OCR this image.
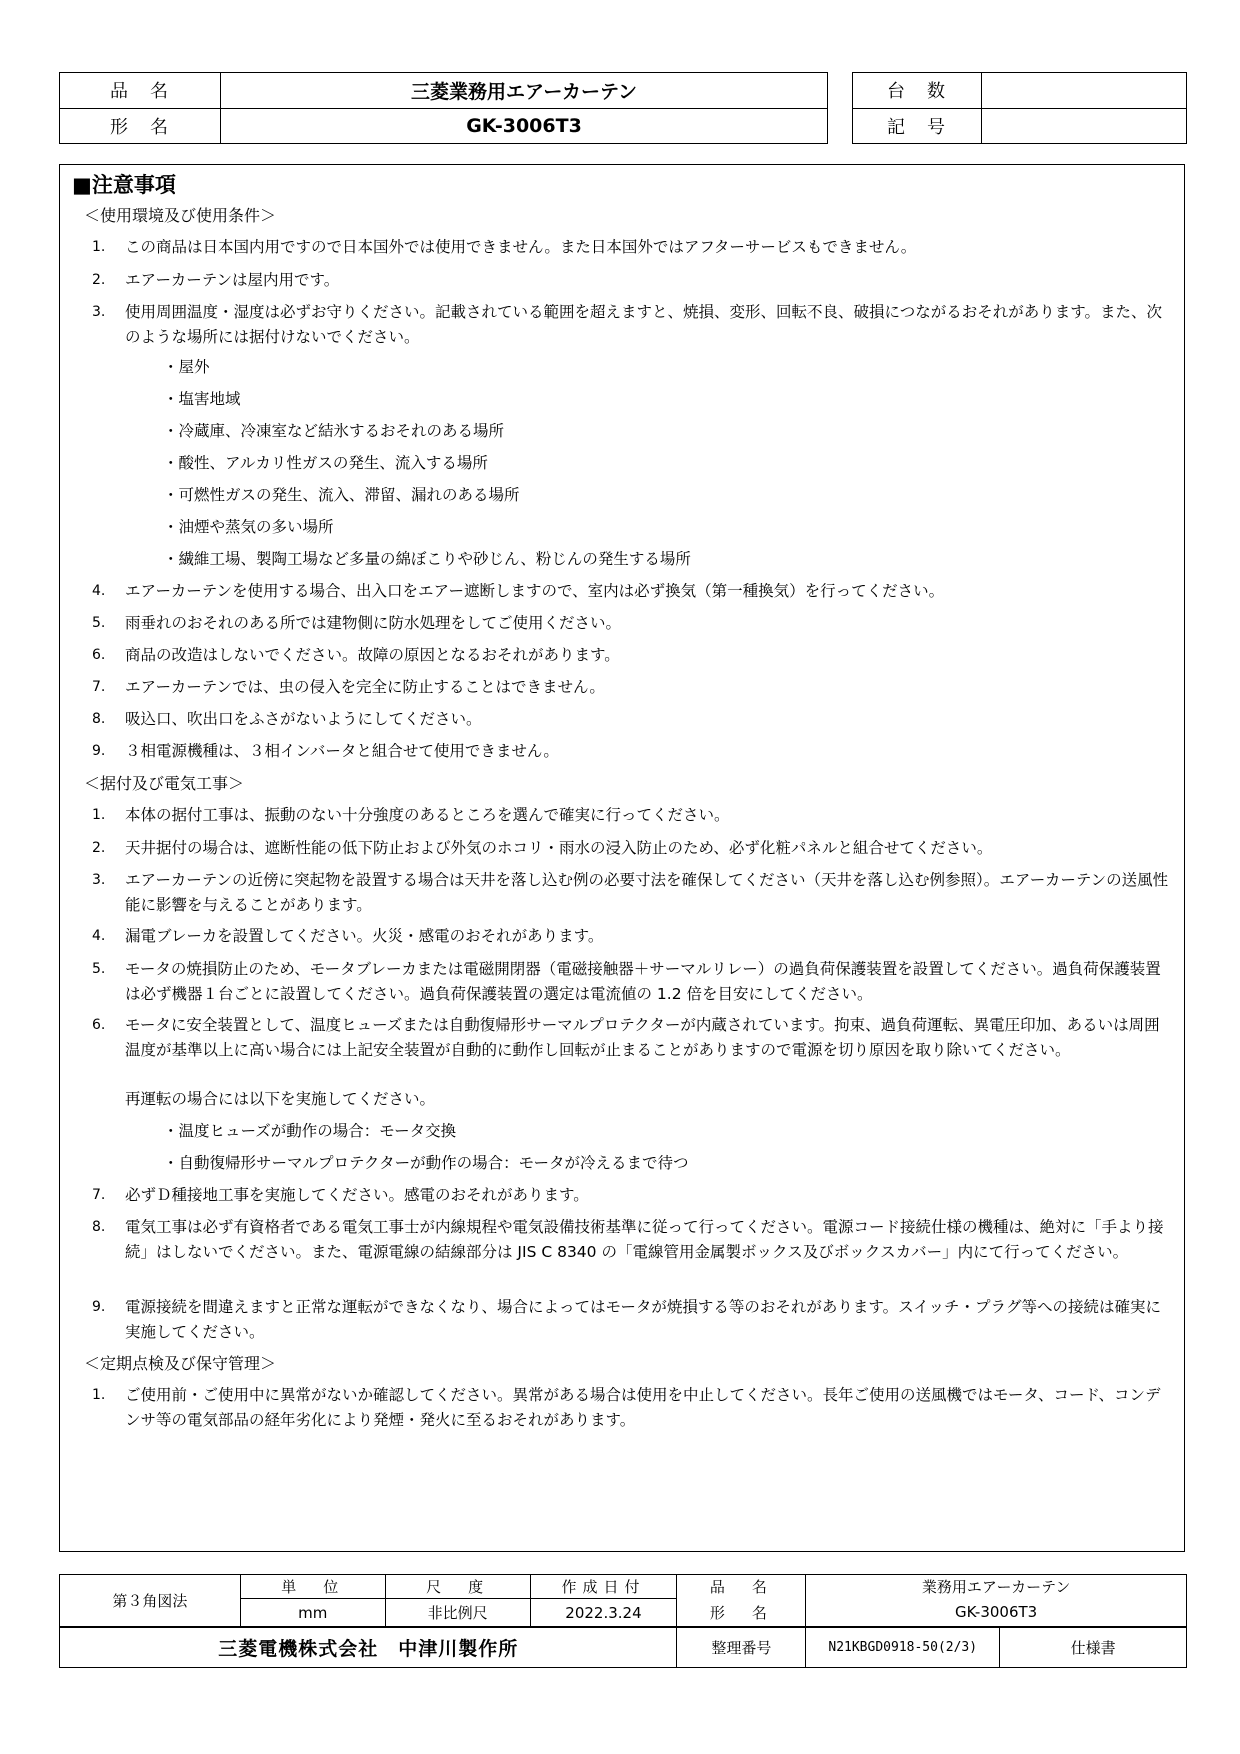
品　名	三菱業務用エアーカーテン
形　名	GK-3006T3
台　数	
記　号	
■注意事項
＜使用環境及び使用条件＞
1.	この商品は日本国内用ですので日本国外では使用できません。また日本国外ではアフターサービスもできません。
2.	エアーカーテンは屋内用です。
3.	使用周囲温度・湿度は必ずお守りください。記載されている範囲を超えますと、焼損、変形、回転不良、破損につながるおそれがあります。また、次のような場所には据付けないでください。
・屋外
・塩害地域
・冷蔵庫、冷凍室など結氷するおそれのある場所
・酸性、アルカリ性ガスの発生、流入する場所
・可燃性ガスの発生、流入、滞留、漏れのある場所
・油煙や蒸気の多い場所
・繊維工場、製陶工場など多量の綿ぼこりや砂じん、粉じんの発生する場所
4.	エアーカーテンを使用する場合、出入口をエアー遮断しますので、室内は必ず換気（第一種換気）を行ってください。
5.	雨垂れのおそれのある所では建物側に防水処理をしてご使用ください。
6.	商品の改造はしないでください。故障の原因となるおそれがあります。
7.	エアーカーテンでは、虫の侵入を完全に防止することはできません。
8.	吸込口、吹出口をふさがないようにしてください。
9.	３相電源機種は、３相インバータと組合せて使用できません。
＜据付及び電気工事＞
1.	本体の据付工事は、振動のない十分強度のあるところを選んで確実に行ってください。
2.	天井据付の場合は、遮断性能の低下防止および外気のホコリ・雨水の浸入防止のため、必ず化粧パネルと組合せてください。
3.	エアーカーテンの近傍に突起物を設置する場合は天井を落し込む例の必要寸法を確保してください（天井を落し込む例参照）。エアーカーテンの送風性能に影響を与えることがあります。
4.	漏電ブレーカを設置してください。火災・感電のおそれがあります。
5.	モータの焼損防止のため、モータブレーカまたは電磁開閉器（電磁接触器＋サーマルリレー）の過負荷保護装置を設置してください。過負荷保護装置は必ず機器１台ごとに設置してください。過負荷保護装置の選定は電流値の 1.2 倍を目安にしてください。
6.	モータに安全装置として、温度ヒューズまたは自動復帰形サーマルプロテクターが内蔵されています。拘束、過負荷運転、異電圧印加、あるいは周囲温度が基準以上に高い場合には上記安全装置が自動的に動作し回転が止まることがありますので電源を切り原因を取り除いてください。
再運転の場合には以下を実施してください。
・温度ヒューズが動作の場合：モータ交換
・自動復帰形サーマルプロテクターが動作の場合：モータが冷えるまで待つ
7.	必ずＤ種接地工事を実施してください。感電のおそれがあります。
8.	電気工事は必ず有資格者である電気工事士が内線規程や電気設備技術基準に従って行ってください。電源コード接続仕様の機種は、絶対に「手より接続」はしないでください。また、電源電線の結線部分は JIS C 8340 の「電線管用金属製ボックス及びボックスカバー」内にて行ってください。
9.	電源接続を間違えますと正常な運転ができなくなり、場合によってはモータが焼損する等のおそれがあります。スイッチ・プラグ等への接続は確実に実施してください。
＜定期点検及び保守管理＞
1.	ご使用前・ご使用中に異常がないか確認してください。異常がある場合は使用を中止してください。長年ご使用の送風機ではモータ、コード、コンデンサ等の電気部品の経年劣化により発煙・発火に至るおそれがあります。
第３角図法	単　位	尺　度	作成日付	品　名	業務用エアーカーテン	
	mm	非比例尺	2022.3.24	形　名	GK-3006T3	
三菱電機株式会社　中津川製作所				整理番号	N21KBGD0918-50(2/3)	仕様書
